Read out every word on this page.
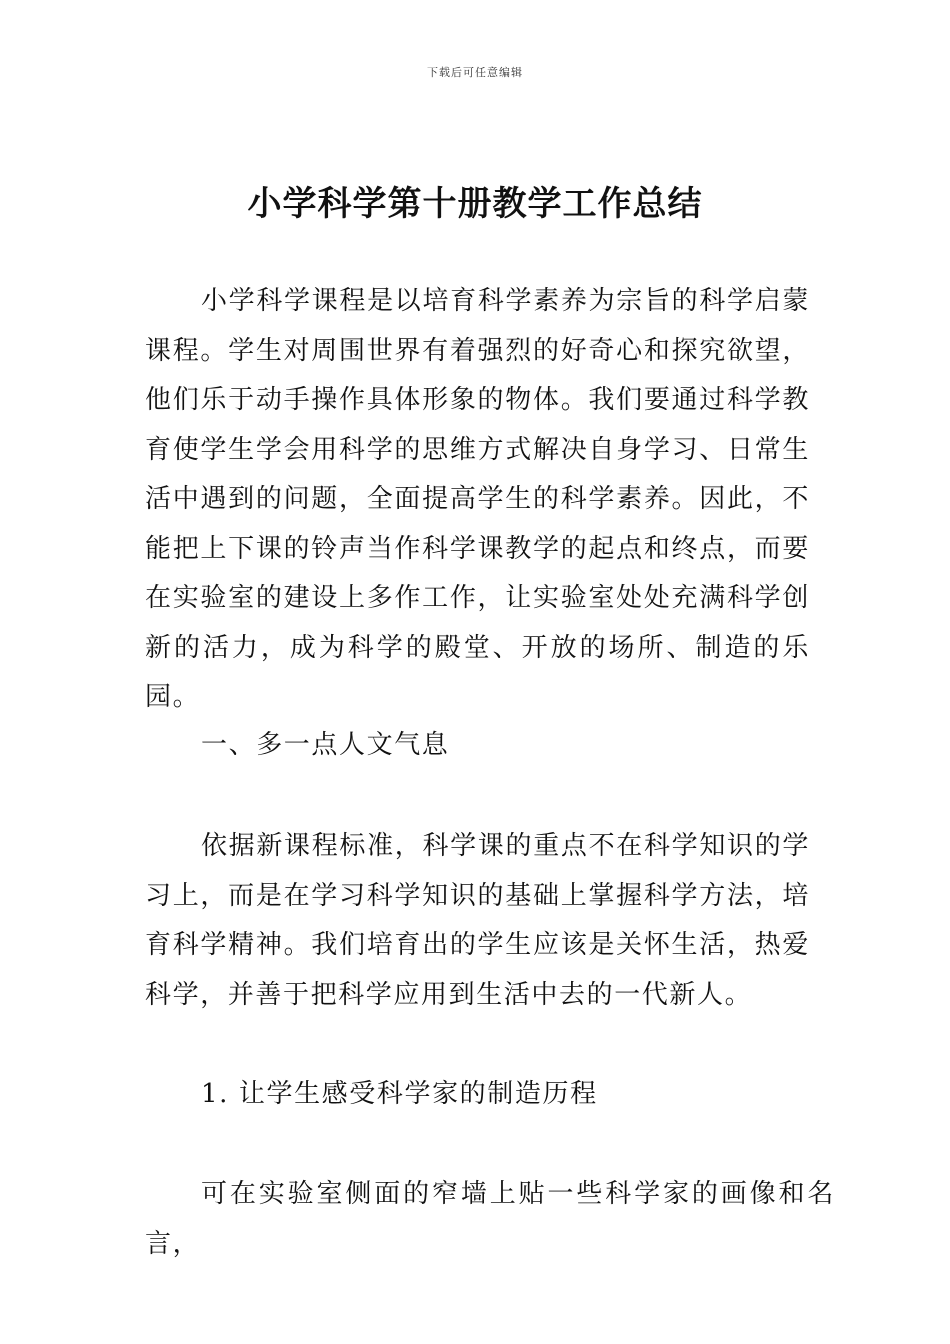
下载后可任意编辑
小学科学第十册教学工作总结

小学科学课程是以培育科学素养为宗旨的科学启蒙课程。学生对周围世界有着强烈的好奇心和探究欲望，他们乐于动手操作具体形象的物体。我们要通过科学教育使学生学会用科学的思维方式解决自身学习、日常生活中遇到的问题，全面提高学生的科学素养。因此，不能把上下课的铃声当作科学课教学的起点和终点，而要在实验室的建设上多作工作，让实验室处处充满科学创新的活力，成为科学的殿堂、开放的场所、制造的乐园。

一、多一点人文气息

依据新课程标准，科学课的重点不在科学知识的学习上，而是在学习科学知识的基础上掌握科学方法，培育科学精神。我们培育出的学生应该是关怀生活，热爱科学，并善于把科学应用到生活中去的一代新人。

1. 让学生感受科学家的制造历程

可在实验室侧面的窄墙上贴一些科学家的画像和名言，
